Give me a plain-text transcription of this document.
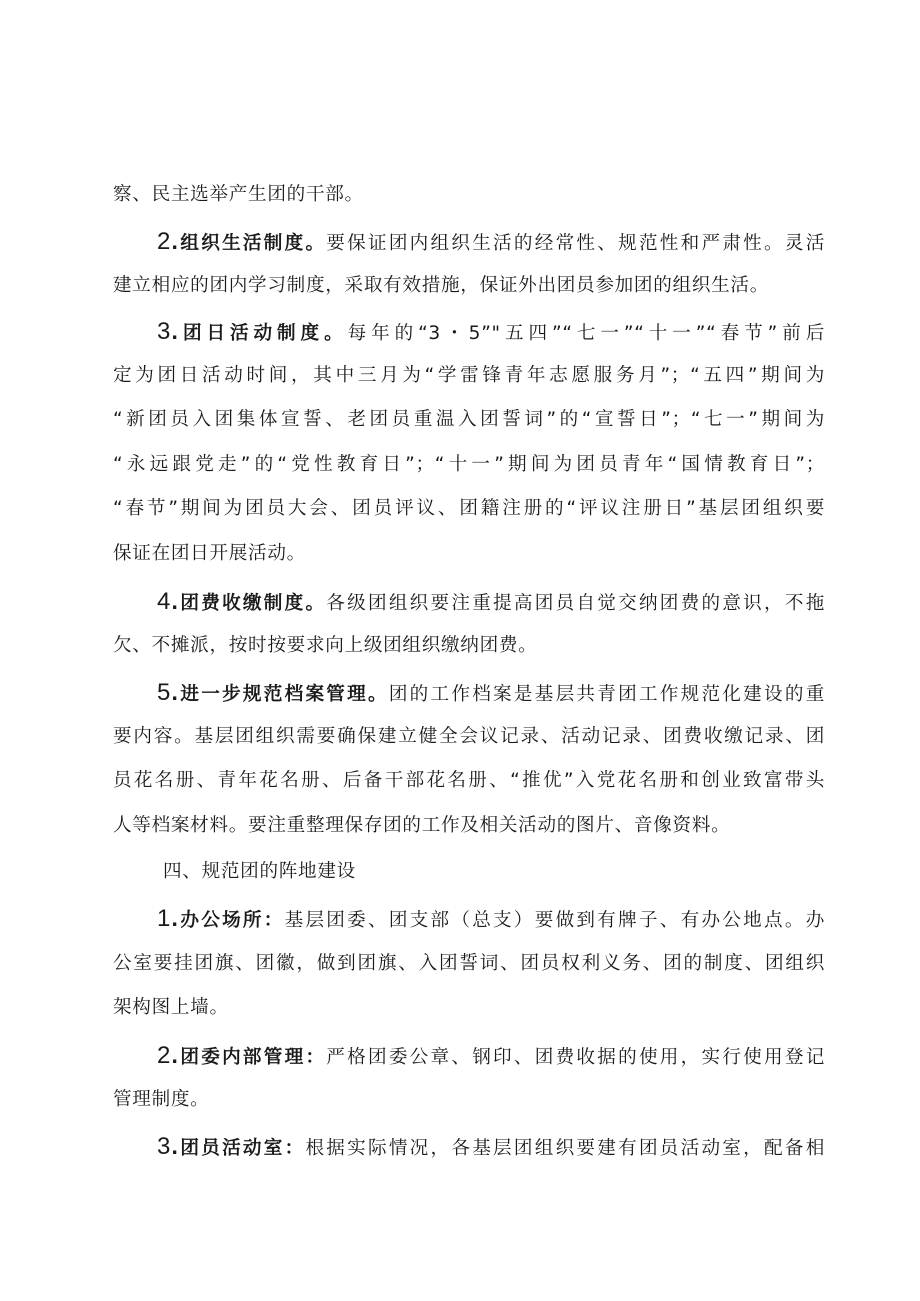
察、民主选举产生团的干部。
2.组织生活制度。要保证团内组织生活的经常性、规范性和严肃性。灵活
建立相应的团内学习制度，采取有效措施，保证外出团员参加团的组织生活。
3.团日活动制度。每年的“3・5”"五四”“七一”“十一”“春节”前后
定为团日活动时间，其中三月为“学雷锋青年志愿服务月”；“五四”期间为
“新团员入团集体宣誓、老团员重温入团誓词”的“宣誓日”；“七一”期间为
“永远跟党走”的“党性教育日”；“十一”期间为团员青年“国情教育日”；
“春节”期间为团员大会、团员评议、团籍注册的“评议注册日”基层团组织要
保证在团日开展活动。
4.团费收缴制度。各级团组织要注重提高团员自觉交纳团费的意识，不拖
欠、不摊派，按时按要求向上级团组织缴纳团费。
5.进一步规范档案管理。团的工作档案是基层共青团工作规范化建设的重
要内容。基层团组织需要确保建立健全会议记录、活动记录、团费收缴记录、团
员花名册、青年花名册、后备干部花名册、“推优”入党花名册和创业致富带头
人等档案材料。要注重整理保存团的工作及相关活动的图片、音像资料。
四、规范团的阵地建设
1.办公场所：基层团委、团支部（总支）要做到有牌子、有办公地点。办
公室要挂团旗、团徽，做到团旗、入团誓词、团员权利义务、团的制度、团组织
架构图上墙。
2.团委内部管理：严格团委公章、钢印、团费收据的使用，实行使用登记
管理制度。
3.团员活动室：根据实际情况，各基层团组织要建有团员活动室，配备相
